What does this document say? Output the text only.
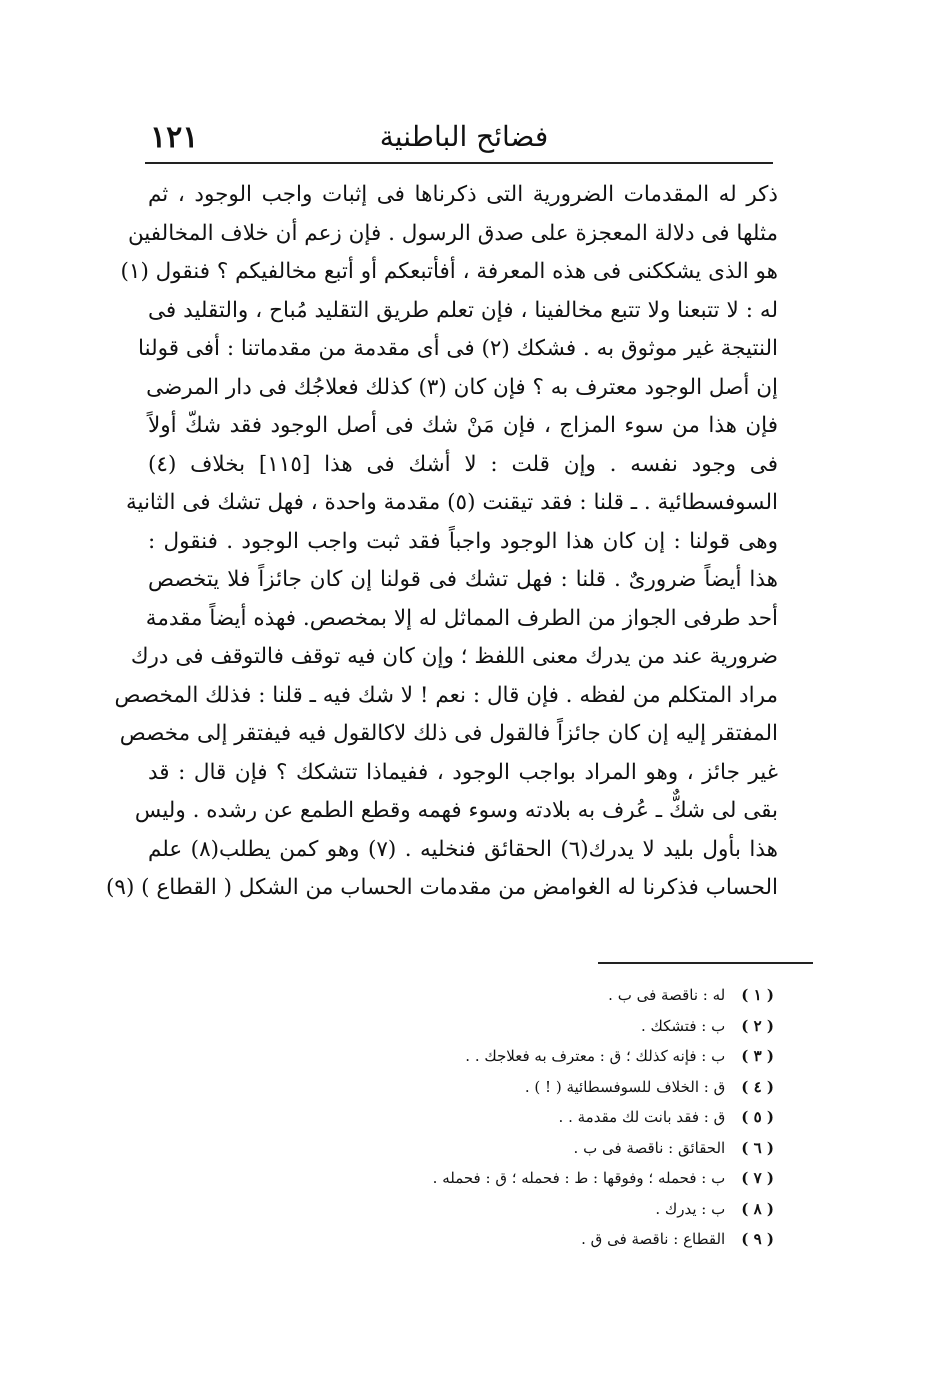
فضائح الباطنية
١٢١
ذكر له المقدمات الضرورية التى ذكرناها فى إثبات واجب الوجود ، ثم
مثلها فى دلالة المعجزة على صدق الرسول . فإن زعم أن خلاف المخالفين
هو الذى يشككنى فى هذه المعرفة ، أفأتبعكم أو أتبع مخالفيكم ؟ فنقول (١)
له : لا تتبعنا ولا تتبع مخالفينا ، فإن تعلم طريق التقليد مُباح ، والتقليد فى
النتيجة غير موثوق به . فشكك (٢) فى أى مقدمة من مقدماتنا : أفى قولنا
إن أصل الوجود معترف به ؟ فإن كان (٣) كذلك فعلاجُك فى دار المرضى
فإن هذا من سوء المزاج ، فإن مَنْ شك فى أصل الوجود فقد شكّ أولاً
فى وجود نفسه . وإن قلت : لا أشك فى هذا [١١٥] بخلاف (٤)
السوفسطائية . ـ قلنا : فقد تيقنت (٥) مقدمة واحدة ، فهل تشك فى الثانية
وهى قولنا : إن كان هذا الوجود واجباً فقد ثبت واجب الوجود . فنقول :
هذا أيضاً ضرورىٌ . قلنا : فهل تشك فى قولنا إن كان جائزاً فلا يتخصص
أحد طرفى الجواز من الطرف المماثل له إلا بمخصص. فهذه أيضاً مقدمة
ضرورية عند من يدرك معنى اللفظ ؛ وإن كان فيه توقف فالتوقف فى درك
مراد المتكلم من لفظه . فإن قال : نعم ! لا شك فيه ـ قلنا : فذلك المخصص
المفتقر إليه إن كان جائزاً فالقول فى ذلك لاكالقول فيه فيفتقر إلى مخصص
غير جائز ، وهو المراد بواجب الوجود ، ففيماذا تتشكك ؟ فإن قال : قد
بقى لى شكٌّ ـ عُرف به بلادته وسوء فهمه وقطع الطمع عن رشده . وليس
هذا بأول بليد لا يدرك(٦) الحقائق فنخليه . (٧) وهو كمن يطلب(٨) علم
الحساب فذكرنا له الغوامض من مقدمات الحساب من الشكل ( القطاع ) (٩)
( ١ ) له : ناقصة فى ب .
( ٢ ) ب : فتشكك .
( ٣ ) ب : فإنه كذلك ؛ ق : معترف به فعلاجك . .
( ٤ ) ق : الخلاف للسوفسطائية ( ! ) .
( ٥ ) ق : فقد بانت لك مقدمة . .
( ٦ ) الحقائق : ناقصة فى ب .
( ٧ ) ب : فحمله ؛ وفوقها : ط : فحمله ؛ ق : فحمله .
( ٨ ) ب : يدرك .
( ٩ ) القطاع : ناقصة فى ق .
